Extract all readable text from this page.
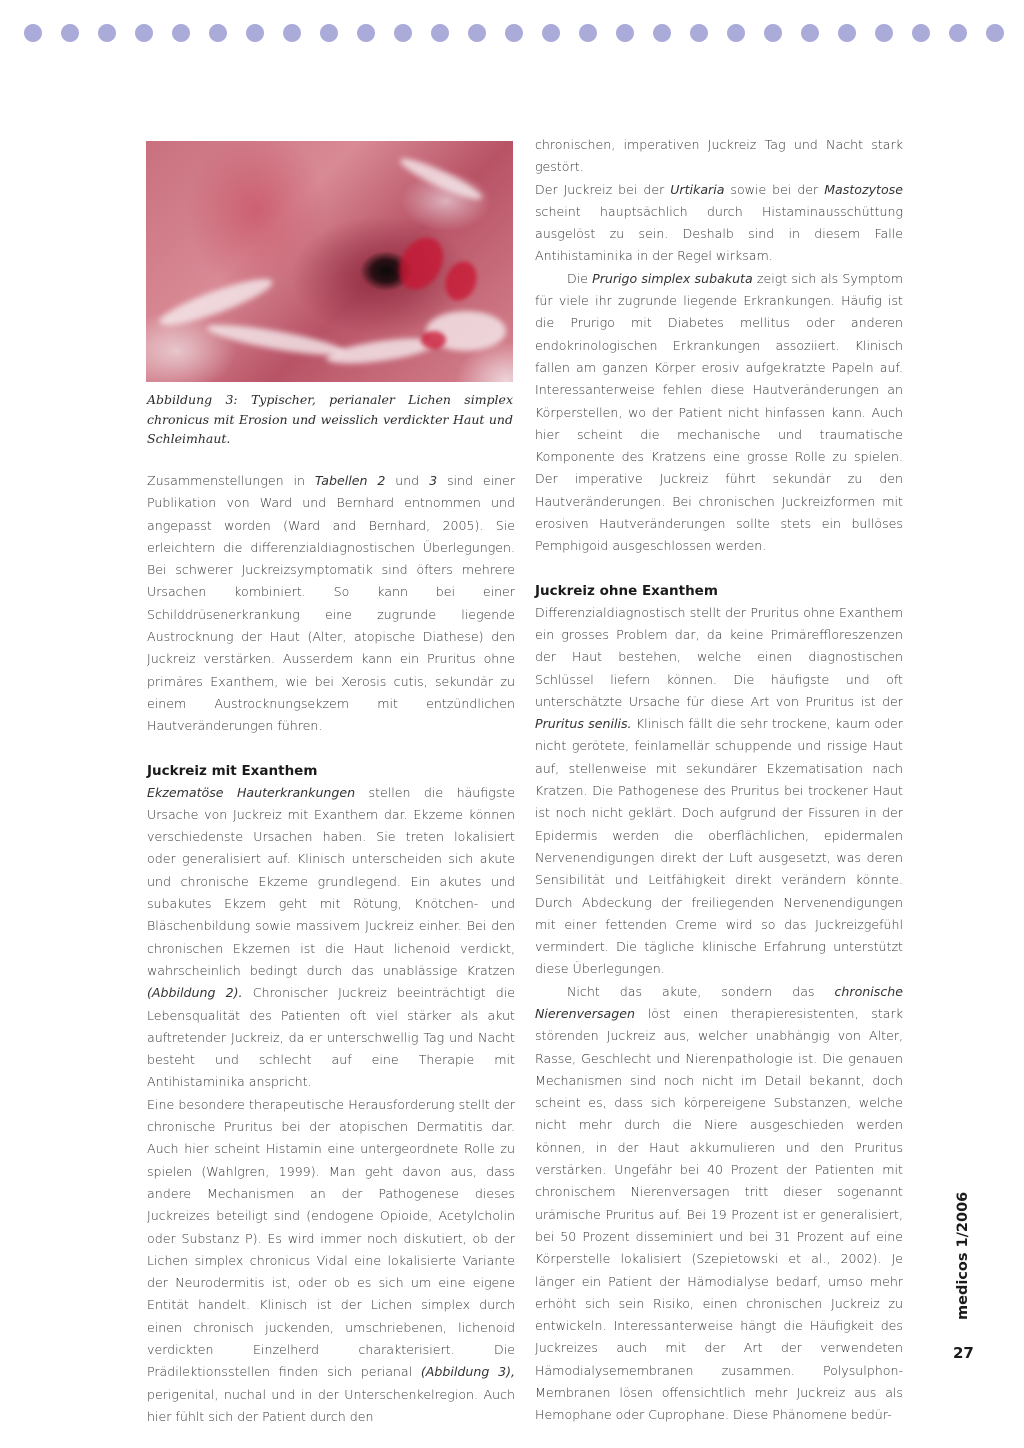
Abbildung 3: Typischer, perianaler Lichen simplex chronicus mit Erosion und weisslich verdickter Haut und Schleimhaut.

Zusammenstellungen in Tabellen 2 und 3 sind einer Publikation von Ward und Bernhard entnommen und angepasst worden (Ward and Bernhard, 2005). Sie erleichtern die differenzialdiagnostischen Überlegungen. Bei schwerer Juckreizsymptomatik sind öfters mehrere Ursachen kombiniert. So kann bei einer Schilddrüsenerkrankung eine zugrunde liegende Austrocknung der Haut (Alter, atopische Diathese) den Juckreiz verstärken. Ausserdem kann ein Pruritus ohne primäres Exanthem, wie bei Xerosis cutis, sekundär zu einem Austrocknungsekzem mit entzündlichen Hautveränderungen führen.

Juckreiz mit Exanthem

Ekzematöse Hauterkrankungen stellen die häufigste Ursache von Juckreiz mit Exanthem dar. Ekzeme können verschiedenste Ursachen haben. Sie treten lokalisiert oder generalisiert auf. Klinisch unterscheiden sich akute und chronische Ekzeme grundlegend. Ein akutes und subakutes Ekzem geht mit Rötung, Knötchen- und Bläschenbildung sowie massivem Juckreiz einher. Bei den chronischen Ekzemen ist die Haut lichenoid verdickt, wahrscheinlich bedingt durch das unablässige Kratzen (Abbildung 2). Chronischer Juckreiz beeinträchtigt die Lebensqualität des Patienten oft viel stärker als akut auftretender Juckreiz, da er unterschwellig Tag und Nacht besteht und schlecht auf eine Therapie mit Antihistaminika anspricht.

Eine besondere therapeutische Herausforderung stellt der chronische Pruritus bei der atopischen Dermatitis dar. Auch hier scheint Histamin eine untergeordnete Rolle zu spielen (Wahlgren, 1999). Man geht davon aus, dass andere Mechanismen an der Pathogenese dieses Juckreizes beteiligt sind (endogene Opioide, Acetylcholin oder Substanz P). Es wird immer noch diskutiert, ob der Lichen simplex chronicus Vidal eine lokalisierte Variante der Neurodermitis ist, oder ob es sich um eine eigene Entität handelt. Klinisch ist der Lichen simplex durch einen chronisch juckenden, umschriebenen, lichenoid verdickten Einzelherd charakterisiert. Die Prädilektionsstellen finden sich perianal (Abbildung 3), perigenital, nuchal und in der Unterschenkelregion. Auch hier fühlt sich der Patient durch den

chronischen, imperativen Juckreiz Tag und Nacht stark gestört.

Der Juckreiz bei der Urtikaria sowie bei der Mastozytose scheint hauptsächlich durch Histaminausschüttung ausgelöst zu sein. Deshalb sind in diesem Falle Antihistaminika in der Regel wirksam.

Die Prurigo simplex subakuta zeigt sich als Symptom für viele ihr zugrunde liegende Erkrankungen. Häufig ist die Prurigo mit Diabetes mellitus oder anderen endokrinologischen Erkrankungen assoziiert. Klinisch fallen am ganzen Körper erosiv aufgekratzte Papeln auf. Interessanterweise fehlen diese Hautveränderungen an Körperstellen, wo der Patient nicht hinfassen kann. Auch hier scheint die mechanische und traumatische Komponente des Kratzens eine grosse Rolle zu spielen. Der imperative Juckreiz führt sekundär zu den Hautveränderungen. Bei chronischen Juckreizformen mit erosiven Hautveränderungen sollte stets ein bullöses Pemphigoid ausgeschlossen werden.

Juckreiz ohne Exanthem

Differenzialdiagnostisch stellt der Pruritus ohne Exanthem ein grosses Problem dar, da keine Primäreffloreszenzen der Haut bestehen, welche einen diagnostischen Schlüssel liefern können. Die häufigste und oft unterschätzte Ursache für diese Art von Pruritus ist der Pruritus senilis. Klinisch fällt die sehr trockene, kaum oder nicht gerötete, feinlamellär schuppende und rissige Haut auf, stellenweise mit sekundärer Ekzematisation nach Kratzen. Die Pathogenese des Pruritus bei trockener Haut ist noch nicht geklärt. Doch aufgrund der Fissuren in der Epidermis werden die oberflächlichen, epidermalen Nervenendigungen direkt der Luft ausgesetzt, was deren Sensibilität und Leitfähigkeit direkt verändern könnte. Durch Abdeckung der freiliegenden Nervenendigungen mit einer fettenden Creme wird so das Juckreizgefühl vermindert. Die tägliche klinische Erfahrung unterstützt diese Überlegungen.

Nicht das akute, sondern das chronische Nierenversagen löst einen therapieresistenten, stark störenden Juckreiz aus, welcher unabhängig von Alter, Rasse, Geschlecht und Nierenpathologie ist. Die genauen Mechanismen sind noch nicht im Detail bekannt, doch scheint es, dass sich körpereigene Substanzen, welche nicht mehr durch die Niere ausgeschieden werden können, in der Haut akkumulieren und den Pruritus verstärken. Ungefähr bei 40 Prozent der Patienten mit chronischem Nierenversagen tritt dieser sogenannt urämische Pruritus auf. Bei 19 Prozent ist er generalisiert, bei 50 Prozent disseminiert und bei 31 Prozent auf eine Körperstelle lokalisiert (Szepietowski et al., 2002). Je länger ein Patient der Hämodialyse bedarf, umso mehr erhöht sich sein Risiko, einen chronischen Juckreiz zu entwickeln. Interessanterweise hängt die Häufigkeit des Juckreizes auch mit der Art der verwendeten Hämodialysemembranen zusammen. Polysulphon-Membranen lösen offensichtlich mehr Juckreiz aus als Hemophane oder Cuprophane. Diese Phänomene bedür-

medicos 1/2006
27
